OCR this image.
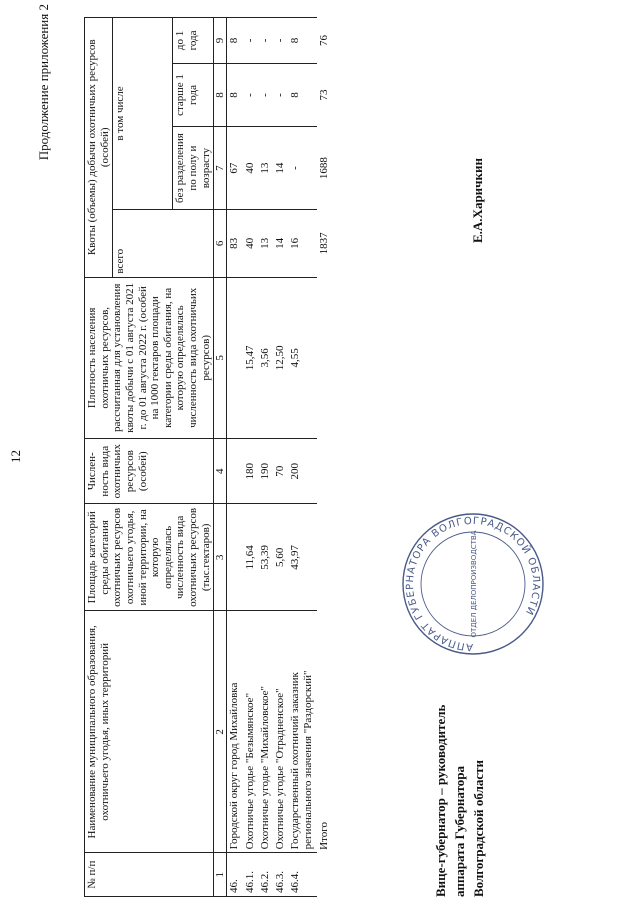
12
Продолжение приложения 2
№ п/п	Наименование муниципального образования, охотничьего угодья, иных территорий	Площадь категорий среды обитания охотничьих ресурсов охотничьего угодья, иной территории, на которую определялась численность вида охотничьих ресурсов (тыс.гектаров)	Числен-ность вида охотничьих ресурсов (особей)	Плотность населения охотничьих ресурсов, рассчитанная для установления квоты добычи с 01 августа 2021 г. до 01 августа 2022 г. (особей на 1000 гектаров площади категории среды обитания, на которую определялась численность вида охотничьих ресурсов)	Квоты (объемы) добычи охотничьих ресурсов (особей)			
					всего	в том числе		
						без разделения по полу и возрасту	старше 1 года	до 1 года
1	2	3	4	5	6	7	8	9
46.	Городской округ город Михайловка				83	67	8	8
46.1.	Охотничье угодье "Безымянское"	11,64	180	15,47	40	40	-	-
46.2.	Охотничье угодье "Михайловское"	53,39	190	3,56	13	13	-	-
46.3.	Охотничье угодье "Отрадненское"	5,60	70	12,50	14	14	-	-
46.4.	Государственный охотничий заказник регионального значения "Раздорский"	43,97	200	4,55	16	-	8	8
	Итого				1837	1688	73	76
АППАРАТ ГУБЕРНАТОРА ВОЛГОГРАДСКОЙ ОБЛАСТИ
ОТДЕЛ ДЕЛОПРОИЗВОДСТВА
Вице-губернатор – руководитель аппарата Губернатора Волгоградской области
Е.А.Харичкин
